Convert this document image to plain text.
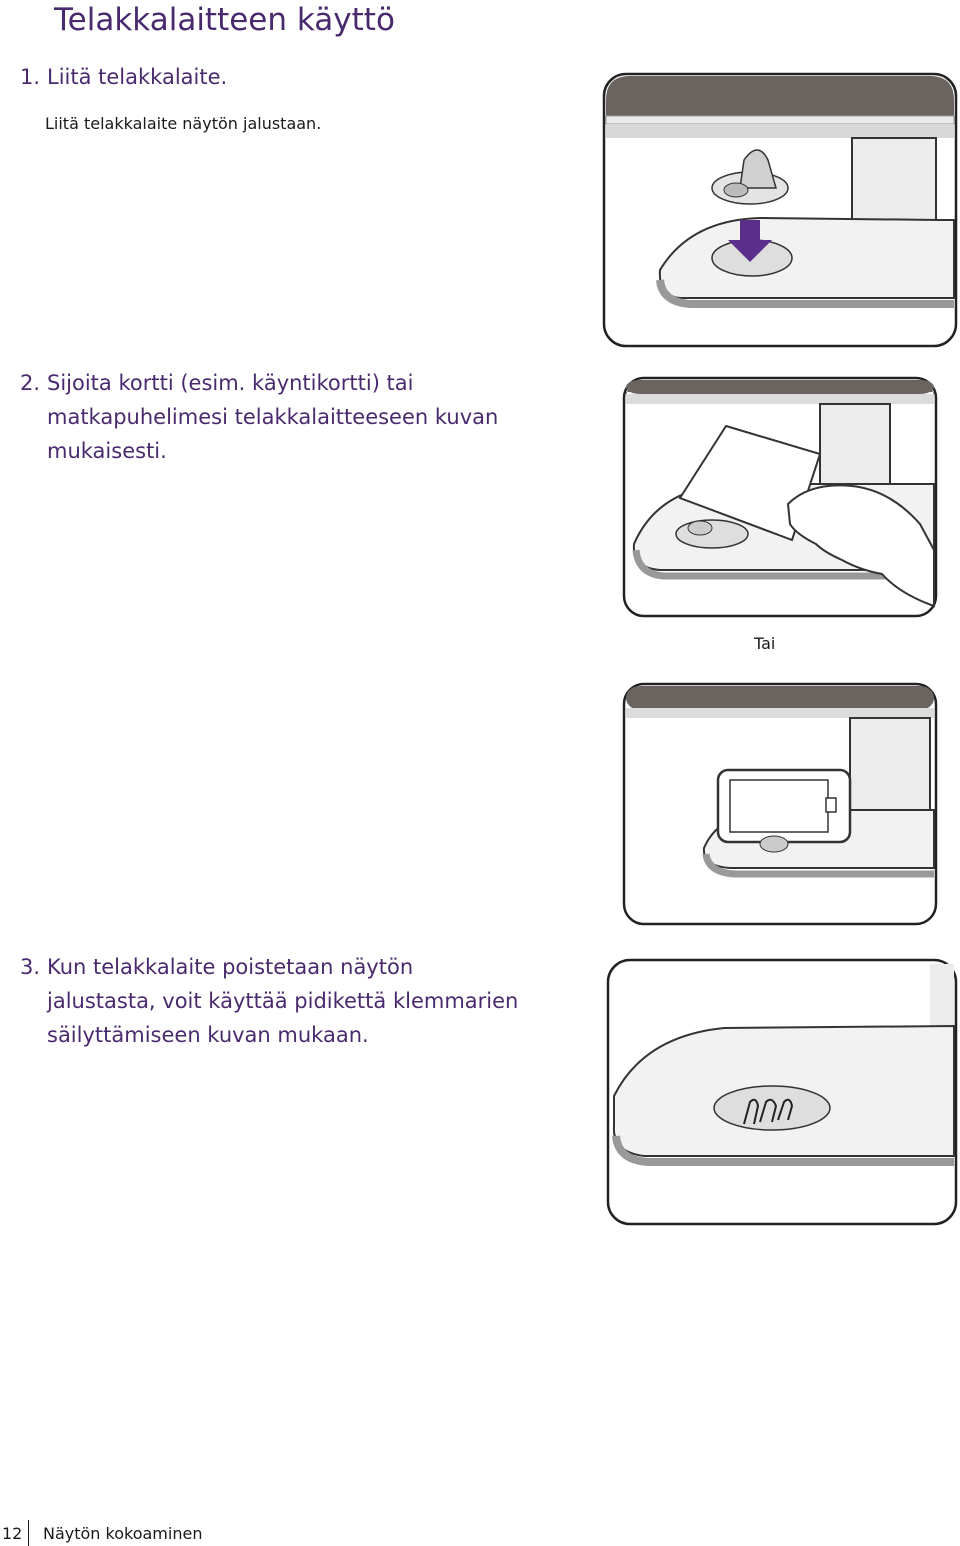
Telakkalaitteen käyttö
1. Liitä telakkalaite.
Liitä telakkalaite näytön jalustaan.
2. Sijoita kortti (esim. käyntikortti) tai
matkapuhelimesi telakkalaitteeseen kuvan
mukaisesti.
Tai
3. Kun telakkalaite poistetaan näytön
jalustasta, voit käyttää pidikettä klemmarien
säilyttämiseen kuvan mukaan.
12 Näytön kokoaminen
